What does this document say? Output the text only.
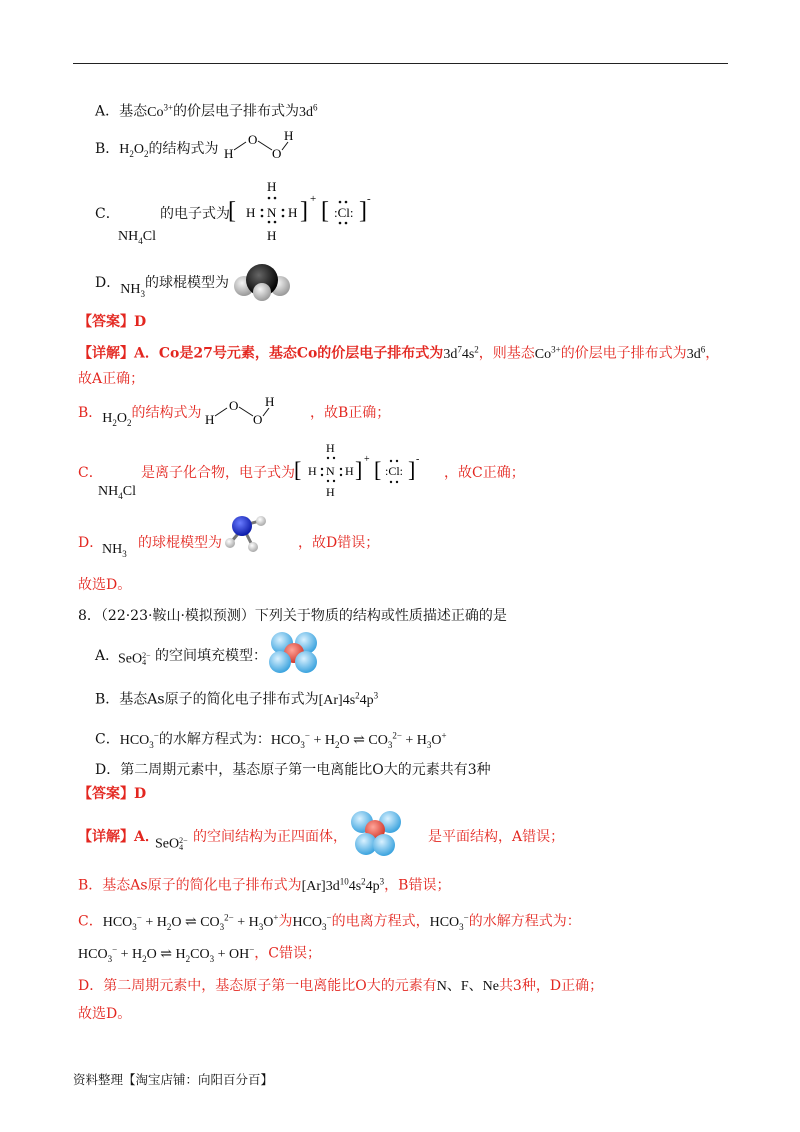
A．基态$Co^{3+}$的价层电子排布式为$3d^6$
B．$H_2O_2$的结构式为 H
O
O
H
C．	的电子式为
$NH_4Cl$
[ H N H
H
H
] + [ :Cl: ] -
D．$NH_3$的球棍模型为
【答案】D
【详解】A．Co是27号元素，基态Co的价层电子排布式为$3d^74s^2$，则基态$Co^{3+}$的价层电子排布式为$3d^6$，
故A正确；
B．$H_2O_2$的结构式为 H
O
O
H
，故B正确；
C．	是离子化合物，电子式为
$NH_4Cl$
[ H N H
H
H
] + [ :Cl: ] -
，故C正确；
D．
$NH_3$
的球棍模型为	，故D错误；
故选D。
8．（22·23·鞍山·模拟预测）下列关于物质的结构或性质描述正确的是
A．
SeO 2−
4 的空间填充模型：
B．基态As原子的简化电子排布式为$[Ar]4s^24p^3$
C．$HCO_3^-$的水解方程式为：$HCO_3^- + H_2O$ ⇌ $CO_3^{2-} + H_3O^+$
D．第二周期元素中，基态原子第一电离能比O大的元素共有3种
【答案】D
【详解】A．
SeO 2−
4
的空间结构为正四面体，	是平面结构，A错误；
B．基态As原子的简化电子排布式为$[Ar]3d^{10}4s^24p^3$，B错误；
C．$HCO_3^- + H_2O$ ⇌ $CO_3^{2-} + H_3O^+$为$HCO_3^-$的电离方程式，$HCO_3^-$的水解方程式为：
$HCO_3^- + H_2O$ ⇌ $H_2CO_3 + OH^-$，C错误；
D．第二周期元素中，基态原子第一电离能比O大的元素有N、F、Ne共3种，D正确；
故选D。
资料整理【淘宝店铺：向阳百分百】
